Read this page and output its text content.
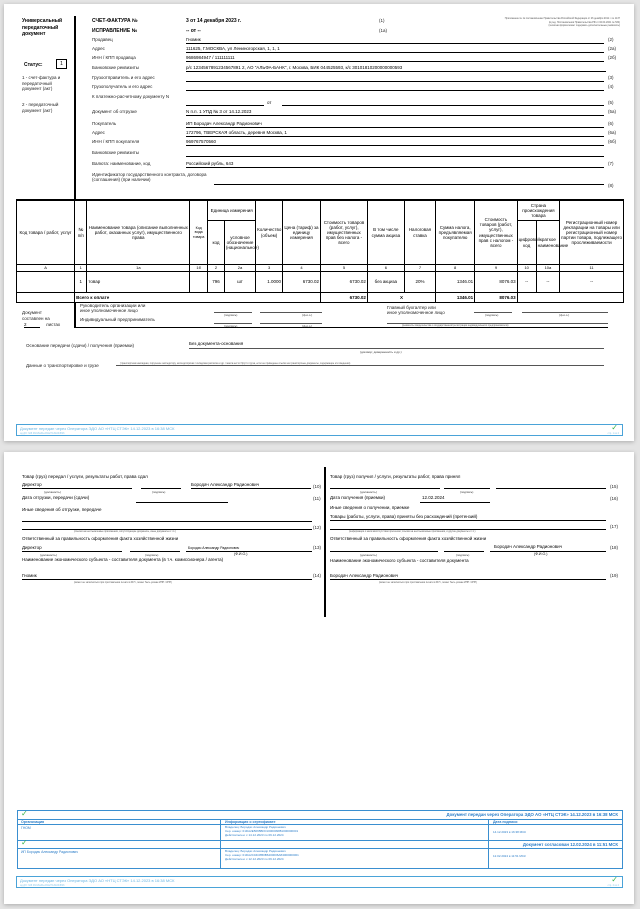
Универсальный
передаточный
документ
Статус:	1
1 - счет-фактура и
передаточный
документ (акт)
2 - передаточный
документ (акт)
Приложение № 1к постановлению Правительства Российской Федерации от 26 декабря 2011 г. № 1137
(в ред. Постановления Правительства РФ от 02.04.2021 № 534)
(печатная форма может содержать дополнительные реквизиты)
СЧЕТ-ФАКТУРА №	3 от 14 декабря 2023 г.	(1)
ИСПРАВЛЕНИЕ №	-- от --	(1а)
Продавец	Гномик	(2)
Адрес	111625, Г.МОСКВА, ул Лениногорская, 1, 1, 1	(2а)
ИНН / КПП продавца	9686984947 / 111111111	(2б)
Банковские реквизиты	р/с 1234567891234567891 2, АО "АЛЬФА-БАНК", г. Москва, БИК 044525593, к/с 30101810200000000593
Грузоотправитель и его адрес	(3)
Грузополучатель и его адрес	(4)
К платежно-расчетному документу N
от	(5)
Документ об отгрузке	N п.п. 1 УПД № 3 от 14.12.2023	(5а)
Покупатель	ИП Бородач Александр Радионович	(6)
Адрес	172796, ТВЕРСКАЯ область, деревня Москва, 1	(6а)
ИНН / КПП покупателя	969767570560	(6б)
Банковские реквизиты
Валюта: наименование, код	Российский рубль, 643	(7)
Идентификатор государственного контракта, договора (соглашения) (при наличии)
(8)
Код товара / работ, услуг	№ п/п	Наименование товара (описание выполненных работ, оказанных услуг), имущественного права	Код вида товара	Единица измерения		Количество (объем)	Цена (тариф) за единицу измерения	Стоимость товаров (работ, услуг), имущественных прав без налога - всего	В том числе сумма акциза	Налоговая ставка	Сумма налога, предъявляемая покупателю	Стоимость товаров (работ, услуг), имущественных прав с налогом - всего	Страна происхождения товара		Регистрационный номер декларации на товары или регистрационный номер партии товара, подлежащего прослеживаемости
				код	условное обозначение (национальное)								цифровой код	краткое наименование	
А	1	1а	1б	2	2а	3	4	5	6	7	8	9	10	10а	11
	1	товар		796	шт	1.0000	6730.02	6730.02	без акциза	20%	1346.01	8076.03	--	--	--
	Всего к оплате							6730.02	X		1346.01	8076.03			
Документ
составлен на
2	листах
Руководитель организации или
иное уполномоченное лицо
(подпись)	(ф.и.о.)
Индивидуальный предприниматель
(подпись)	(ф.и.о.)
Главный бухгалтер или
иное уполномоченное лицо	(подпись)	(ф.и.о.)
(реквизиты свидетельства о государственной регистрации индивидуального предпринимателя)
Основание передачи (сдачи) / получения (приемки)	Без документа-основания
(договор; доверенность и др.)
Данные о транспортировке и грузе	(транспортная накладная, поручение экспедитору, экспедиторская / складская расписка и др. / масса нетто/ брутто груза, если не приведены ссылки на транспортные документы, содержащие эти сведения)
Документ передан через Оператора ЭДО АО «НТЦ СТЭК» 14.12.2023 в 16:38 МСК
ид ДО: 6d8 0b0c8a64e4b6a7f1d9c0b8f26
✓
стр. 1 из 2
Товар (груз) передал / услуги, результаты работ, права сдал
Директор	Бородач Александр Радионович	(10)
(должность)	(подпись)
Дата отгрузки, передачи (сдачи)	(11)
Иные сведения об отгрузке, передаче
(12)
(ссылки на неотъемлемые приложения, сопутствующие документы, иные документы и т.п.)
Ответственный за правильность оформления факта хозяйственной жизни
Директор	Бородач Александр Радионович	(13)
(должность)	(подпись)	(Ф.И.О.)
Наименование экономического субъекта - составителя документа (в т.ч. комиссионера / агента)
Гномик	(14)
(может не заполняться при проставлении печати в М.П., может быть указан ИНН / КПП)
Товар (груз) получил / услуги, результаты работ, права принял
(15)
(должность)	(подпись)
Дата получения (приемки)	12.02.2024	(16)
Иные сведения о получении, приемке
Товары (работы, услуги, права) приняты без расхождений (претензий)
(17)
(информация о наличии/отсутствии претензии; ссылки на неотъемлемые приложения, и другие документы и т.п.)
Ответственный за правильность оформления факта хозяйственной жизни
Бородач Александр Радионович	(18)
(должность)	(подпись)	(Ф.И.О.)
Наименование экономического субъекта - составителя документа
Бородач Александр Радионович	(19)
(может не заполняться при проставлении печати в М.П., может быть указан ИНН / КПП)
✓	Документ передан через Оператора ЭДО АО «НТЦ СТЭК» 14.12.2023 в 16:38 МСК
Организация	Информация о сертификате	Дата подписи
ГНОМ	Владелец: Бородач Александр Радионович
Сер. номер: 01DA2E5065BFD1000009881000000001
Действителен: с 14.12.2023 по 09.12.2024
14.12.2023 в 16:38 МСК
✓	Документ согласован 12.02.2024 в 11:51 МСК
ИП Бородач Александр Радионович	Владелец: Бородач Александр Радионович
Сер. номер: 01DA2C04C8B0B6400006A84000000001
Действителен: с 12.12.2023 по 09.12.2024
12.02.2024 в 11:51 МСК
Документ передан через Оператора ЭДО АО «НТЦ СТЭК» 14.12.2023 в 16:38 МСК
ид ДО: 6d8 0b0c8a64e4b6a7f1d9c0b8f26
✓
стр. 2 из 2
